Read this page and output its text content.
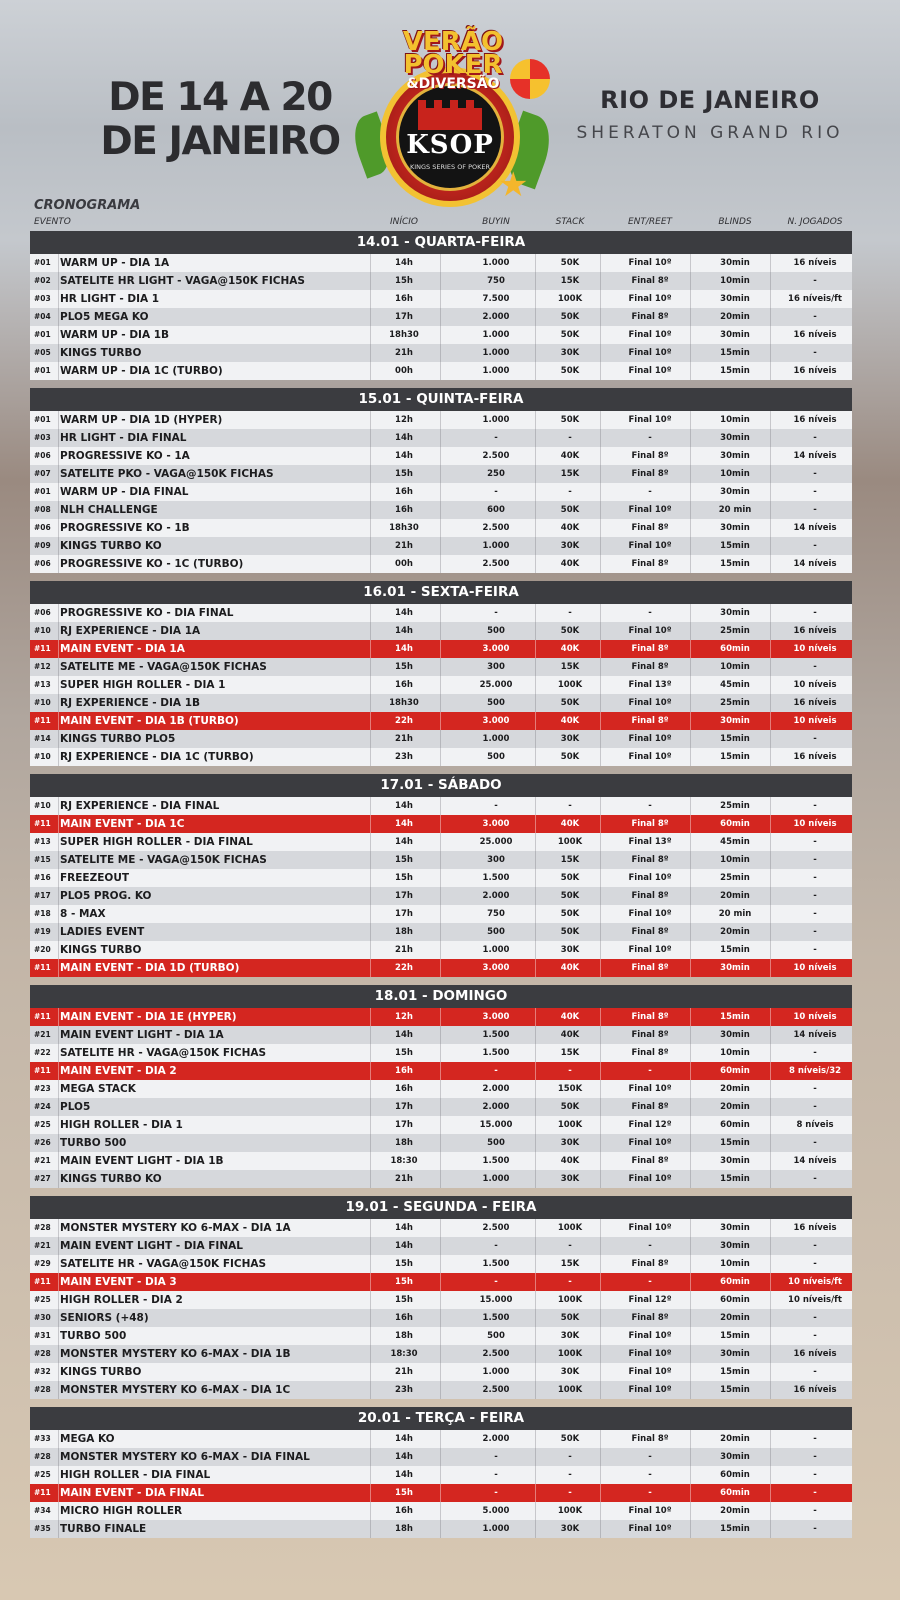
DE 14 A 20
DE JANEIRO	KSOP
KINGS SERIES OF POKER
VERÃO
POKER
&DIVERSÃO
★
RIO DE JANEIRO
SHERATON GRAND RIO
CRONOGRAMA
EVENTO	INÍCIO	BUYIN	STACK	ENT/REET	BLINDS	N. JOGADOS
14.01 - QUARTA-FEIRA
#01 WARM UP - DIA 1A	14h	1.000	50K	Final 10º	30min	16 níveis
#02 SATELITE HR LIGHT - VAGA@150K FICHAS	15h	750	15K	Final 8º	10min	-
#03 HR LIGHT - DIA 1	16h	7.500	100K	Final 10º	30min	16 níveis/ft
#04 PLO5 MEGA KO	17h	2.000	50K	Final 8º	20min	-
#01 WARM UP - DIA 1B	18h30	1.000	50K	Final 10º	30min	16 níveis
#05 KINGS TURBO	21h	1.000	30K	Final 10º	15min	-
#01 WARM UP - DIA 1C (TURBO)	00h	1.000	50K	Final 10º	15min	16 níveis
15.01 - QUINTA-FEIRA
#01 WARM UP - DIA 1D (HYPER)	12h	1.000	50K	Final 10º	10min	16 níveis
#03 HR LIGHT - DIA FINAL	14h	-	-	-	30min	-
#06 PROGRESSIVE KO - 1A	14h	2.500	40K	Final 8º	30min	14 níveis
#07 SATELITE PKO - VAGA@150K FICHAS	15h	250	15K	Final 8º	10min	-
#01 WARM UP - DIA FINAL	16h	-	-	-	30min	-
#08 NLH CHALLENGE	16h	600	50K	Final 10º	20 min	-
#06 PROGRESSIVE KO - 1B	18h30	2.500	40K	Final 8º	30min	14 níveis
#09 KINGS TURBO KO	21h	1.000	30K	Final 10º	15min	-
#06 PROGRESSIVE KO - 1C (TURBO)	00h	2.500	40K	Final 8º	15min	14 níveis
16.01 - SEXTA-FEIRA
#06 PROGRESSIVE KO - DIA FINAL	14h	-	-	-	30min	-
#10 RJ EXPERIENCE - DIA 1A	14h	500	50K	Final 10º	25min	16 níveis
#11 MAIN EVENT - DIA 1A	14h	3.000	40K	Final 8º	60min	10 níveis
#12 SATELITE ME - VAGA@150K FICHAS	15h	300	15K	Final 8º	10min	-
#13 SUPER HIGH ROLLER - DIA 1	16h	25.000	100K	Final 13º	45min	10 níveis
#10 RJ EXPERIENCE - DIA 1B	18h30	500	50K	Final 10º	25min	16 níveis
#11 MAIN EVENT - DIA 1B (TURBO)	22h	3.000	40K	Final 8º	30min	10 níveis
#14 KINGS TURBO PLO5	21h	1.000	30K	Final 10º	15min	-
#10 RJ EXPERIENCE - DIA 1C (TURBO)	23h	500	50K	Final 10º	15min	16 níveis
17.01 - SÁBADO
#10 RJ EXPERIENCE - DIA FINAL	14h	-	-	-	25min	-
#11 MAIN EVENT - DIA 1C	14h	3.000	40K	Final 8º	60min	10 níveis
#13 SUPER HIGH ROLLER - DIA FINAL	14h	25.000	100K	Final 13º	45min	-
#15 SATELITE ME - VAGA@150K FICHAS	15h	300	15K	Final 8º	10min	-
#16 FREEZEOUT	15h	1.500	50K	Final 10º	25min	-
#17 PLO5 PROG. KO	17h	2.000	50K	Final 8º	20min	-
#18 8 - MAX	17h	750	50K	Final 10º	20 min	-
#19 LADIES EVENT	18h	500	50K	Final 8º	20min	-
#20 KINGS TURBO	21h	1.000	30K	Final 10º	15min	-
#11 MAIN EVENT - DIA 1D (TURBO)	22h	3.000	40K	Final 8º	30min	10 níveis
18.01 - DOMINGO
#11 MAIN EVENT - DIA 1E (HYPER)	12h	3.000	40K	Final 8º	15min	10 níveis
#21 MAIN EVENT LIGHT - DIA 1A	14h	1.500	40K	Final 8º	30min	14 níveis
#22 SATELITE HR - VAGA@150K FICHAS	15h	1.500	15K	Final 8º	10min	-
#11 MAIN EVENT - DIA 2	16h	-	-	-	60min	8 níveis/32
#23 MEGA STACK	16h	2.000	150K	Final 10º	20min	-
#24 PLO5	17h	2.000	50K	Final 8º	20min	-
#25 HIGH ROLLER - DIA 1	17h	15.000	100K	Final 12º	60min	8 níveis
#26 TURBO 500	18h	500	30K	Final 10º	15min	-
#21 MAIN EVENT LIGHT - DIA 1B	18:30	1.500	40K	Final 8º	30min	14 níveis
#27 KINGS TURBO KO	21h	1.000	30K	Final 10º	15min	-
19.01 - SEGUNDA - FEIRA
#28 MONSTER MYSTERY KO 6-MAX - DIA 1A	14h	2.500	100K	Final 10º	30min	16 níveis
#21 MAIN EVENT LIGHT - DIA FINAL	14h	-	-	-	30min	-
#29 SATELITE HR - VAGA@150K FICHAS	15h	1.500	15K	Final 8º	10min	-
#11 MAIN EVENT - DIA 3	15h	-	-	-	60min	10 níveis/ft
#25 HIGH ROLLER - DIA 2	15h	15.000	100K	Final 12º	60min	10 níveis/ft
#30 SENIORS (+48)	16h	1.500	50K	Final 8º	20min	-
#31 TURBO 500	18h	500	30K	Final 10º	15min	-
#28 MONSTER MYSTERY KO 6-MAX - DIA 1B	18:30	2.500	100K	Final 10º	30min	16 níveis
#32 KINGS TURBO	21h	1.000	30K	Final 10º	15min	-
#28 MONSTER MYSTERY KO 6-MAX - DIA 1C	23h	2.500	100K	Final 10º	15min	16 níveis
20.01 - TERÇA - FEIRA
#33 MEGA KO	14h	2.000	50K	Final 8º	20min	-
#28 MONSTER MYSTERY KO 6-MAX - DIA FINAL	14h	-	-	-	30min	-
#25 HIGH ROLLER - DIA FINAL	14h	-	-	-	60min	-
#11 MAIN EVENT - DIA FINAL	15h	-	-	-	60min	-
#34 MICRO HIGH ROLLER	16h	5.000	100K	Final 10º	20min	-
#35 TURBO FINALE	18h	1.000	30K	Final 10º	15min	-
